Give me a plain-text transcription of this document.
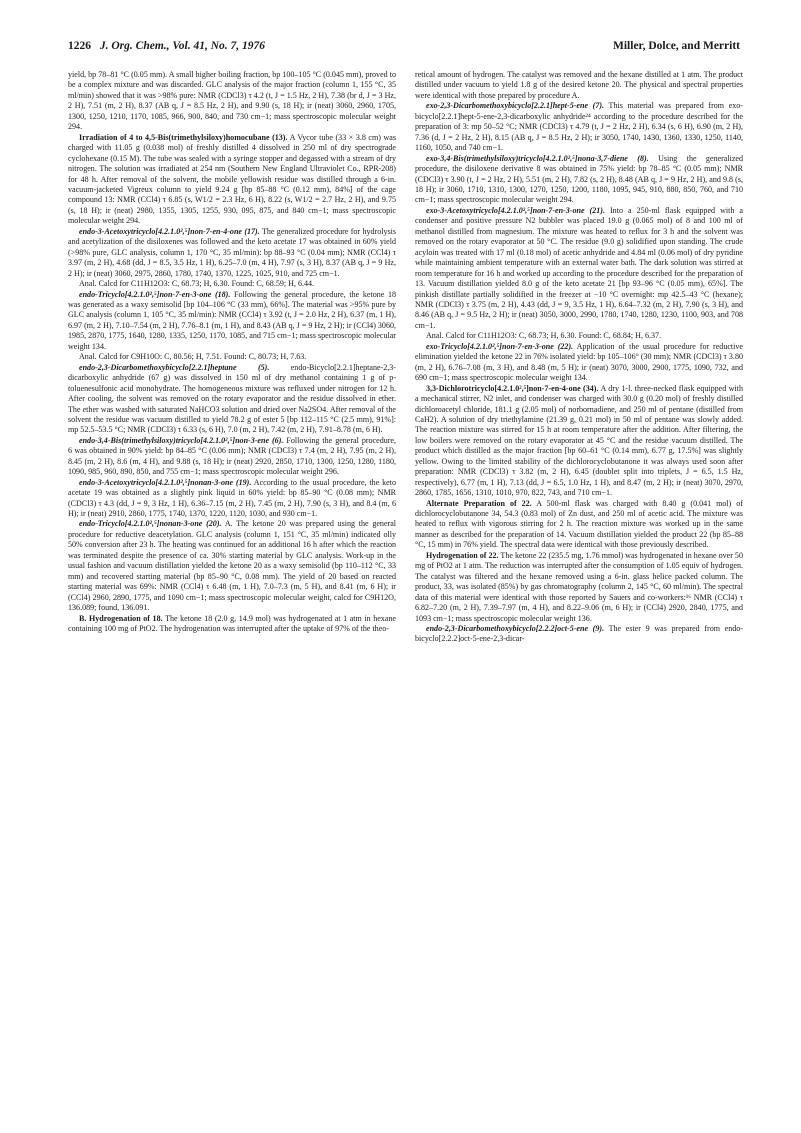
1226 J. Org. Chem., Vol. 41, No. 7, 1976	Miller, Dolce, and Merritt

yield, bp 78–81 °C (0.05 mm). A small higher boiling fraction, bp 100–105 °C (0.045 mm), proved to be a complex mixture and was discarded. GLC analysis of the major fraction (column 1, 155 °C, 35 ml/min) showed that it was >98% pure: NMR (CDCl3) τ 4.2 (t, J = 1.5 Hz, 2 H), 7.38 (br d, J = 3 Hz, 2 H), 7.51 (m, 2 H), 8.37 (AB q, J = 8.5 Hz, 2 H), and 9.90 (s, 18 H); ir (neat) 3060, 2960, 1705, 1300, 1250, 1210, 1170, 1085, 966, 900, 840, and 730 cm−1; mass spectroscopic molecular weight 294.

Irradiation of 4 to 4,5-Bis(trimethylsiloxy)homocubane (13). A Vycor tube (33 × 3.8 cm) was charged with 11.05 g (0.038 mol) of freshly distilled 4 dissolved in 250 ml of dry spectrograde cyclohexane (0.15 M). The tube was sealed with a syringe stopper and degassed with a stream of dry nitrogen. The solution was irradiated at 254 nm (Southern New England Ultraviolet Co., RPR-208) for 48 h. After removal of the solvent, the mobile yellowish residue was distilled through a 6-in. vacuum-jacketed Vigreux column to yield 9.24 g [bp 85–88 °C (0.12 mm), 84%] of the cage compound 13: NMR (CCl4) τ 6.85 (s, W1/2 = 2.3 Hz, 6 H), 8.22 (s, W1/2 = 2.7 Hz, 2 H), and 9.75 (s, 18 H); ir (neat) 2980, 1355, 1305, 1255, 930, 095, 875, and 840 cm−1; mass spectroscopic molecular weight 294.

endo-3-Acetoxytricyclo[4.2.1.0²,⁵]non-7-en-4-one (17). The generalized procedure for hydrolysis and acetylization of the disiloxenes was followed and the keto acetate 17 was obtained in 60% yield (>98% pure, GLC analysis, column 1, 170 °C, 35 ml/min): bp 88–93 °C (0.04 mm); NMR (CCl4) τ 3.97 (m, 2 H), 4.68 (dd, J = 8.5, 3.5 Hz, 1 H), 6.25–7.0 (m, 4 H), 7.97 (s, 3 H), 8.37 (AB q, J = 9 Hz, 2 H); ir (neat) 3060, 2975, 2860, 1780, 1740, 1370, 1225, 1025, 910, and 725 cm−1.

Anal. Calcd for C11H12O3: C, 68.73; H, 6.30. Found: C, 68.59; H, 6.44.

endo-Tricyclo[4.2.1.0²,⁵]non-7-en-3-one (18). Following the general procedure, the ketone 18 was generated as a waxy semisolid [bp 104–106 °C (33 mm), 66%]. The material was >95% pure by GLC analysis (column 1, 105 °C, 35 ml/min): NMR (CCl4) τ 3.92 (t, J = 2.0 Hz, 2 H), 6.37 (m, 1 H), 6.97 (m, 2 H), 7.10–7.54 (m, 2 H), 7.76–8.1 (m, 1 H), and 8.43 (AB q, J = 9 Hz, 2 H); ir (CCl4) 3060, 1985, 2870, 1775, 1640, 1280, 1335, 1250, 1170, 1085, and 715 cm−1; mass spectroscopic molecular weight 134.

Anal. Calcd for C9H10O: C, 80.56; H, 7.51. Found: C, 80.73; H, 7.63.

endo-2,3-Dicarbomethoxybicyclo[2.2.1]heptane (5). endo-Bicyclo[2.2.1]heptane-2,3-dicarboxylic anhydride (67 g) was dissolved in 150 ml of dry methanol containing 1 g of p-toluenesulfonic acid monohydrate. The homogeneous mixture was refluxed under nitrogen for 12 h. After cooling, the solvent was removed on the rotary evaporator and the residue dissolved in ether. The ether was washed with saturated NaHCO3 solution and dried over Na2SO4. After removal of the solvent the residue was vacuum distilled to yield 78.2 g of ester 5 [bp 112–115 °C (2.5 mm), 91%]: mp 52.5–53.5 °C; NMR (CDCl3) τ 6.33 (s, 6 H), 7.0 (m, 2 H), 7.42 (m, 2 H), 7.91–8.78 (m, 6 H).

endo-3,4-Bis(trimethylsiloxy)tricyclo[4.2.1.0²,⁵]non-3-ene (6). Following the general procedure, 6 was obtained in 90% yield: bp 84–85 °C (0.06 mm); NMR (CDCl3) τ 7.4 (m, 2 H), 7.95 (m, 2 H), 8.45 (m, 2 H), 8.6 (m, 4 H), and 9.88 (s, 18 H); ir (neat) 2920, 2850, 1710, 1300, 1250, 1280, 1180, 1090, 985, 960, 890, 850, and 755 cm−1; mass spectroscopic molecular weight 296.

endo-3-Acetoxytricyclo[4.2.1.0²,⁵]nonan-3-one (19). According to the usual procedure, the keto acetate 19 was obtained as a slightly pink liquid in 60% yield: bp 85–90 °C (0.08 mm); NMR (CDCl3) τ 4.3 (dd, J = 9, 3 Hz, 1 H), 6.36–7.15 (m, 2 H), 7.45 (m, 2 H), 7.90 (s, 3 H), and 8.4 (m, 6 H); ir (neat) 2910, 2860, 1775, 1740, 1370, 1220, 1120, 1030, and 930 cm−1.

endo-Tricyclo[4.2.1.0²,⁵]nonan-3-one (20). A. The ketone 20 was prepared using the general procedure for reductive deacetylation. GLC analysis (column 1, 151 °C, 35 ml/min) indicated olly 50% conversion after 23 h. The heating was continued for an additional 16 h after which the reaction was terminated despite the presence of ca. 30% starting material by GLC analysis. Work-up in the usual fashion and vacuum distillation yielded the ketone 20 as a waxy semisolid (bp 110–112 °C, 33 mm) and recovered starting material (bp 85–90 °C, 0.08 mm). The yield of 20 based on reacted starting material was 69%: NMR (CCl4) τ 6.48 (m, 1 H), 7.0–7.3 (m, 5 H), and 8.41 (m, 6 H); ir (CCl4) 2960, 2890, 1775, and 1090 cm−1; mass spectroscopic molecular weight, calcd for C9H12O, 136.089; found, 136.091.

B. Hydrogenation of 18. The ketone 18 (2.0 g, 14.9 mol) was hydrogenated at 1 atm in hexane containing 100 mg of PtO2. The hydrogenation was interrupted after the uptake of 97% of the theo-

retical amount of hydrogen. The catalyst was removed and the hexane distilled at 1 atm. The product distilled under vacuum to yield 1.8 g of the desired ketone 20. The physical and spectral properties were identical with those prepared by procedure A.

exo-2,3-Dicarbomethoxybicyclo[2.2.1]hept-5-ene (7). This material was prepared from exo-bicyclo[2.2.1]hept-5-ene-2,3-dicarboxylic anhydride²⁴ according to the procedure described for the preparation of 3: mp 50–52 °C; NMR (CDCl3) τ 4.79 (t, J = 2 Hz, 2 H), 6.34 (s, 6 H), 6.90 (m, 2 H), 7.36 (d, J = 2 Hz, 2 H), 8.15 (AB q, J = 8.5 Hz, 2 H); ir 3050, 1740, 1430, 1360, 1330, 1250, 1140, 1160, 1050, and 740 cm−1.

exo-3,4-Bis(trimethylsiloxy)tricyclo[4.2.1.0²,⁵]nona-3,7-diene (8). Using the generalized procedure, the disiloxene derivative 8 was obtained in 75% yield: bp 78–85 °C (0.05 mm); NMR (CDCl3) τ 3.90 (t, J = 2 Hz, 2 H), 5.51 (m, 2 H), 7.82 (s, 2 H), 8.48 (AB q, J = 9 Hz, 2 H), and 9.8 (s, 18 H); ir 3060, 1710, 1310, 1300, 1270, 1250, 1200, 1180, 1095, 945, 910, 880, 850, 760, and 710 cm−1; mass spectroscopic molecular weight 294.

exo-3-Acetoxytricyclo[4.2.1.0²,⁵]non-7-en-3-one (21). Into a 250-ml flask equipped with a condenser and positive pressure N2 bubbler was placed 19.0 g (0.065 mol) of 8 and 100 ml of methanol distilled from magnesium. The mixture was heated to reflux for 3 h and the solvent was removed on the rotary evaporator at 50 °C. The residue (9.0 g) solidified upon standing. The crude acyloin was treated with 17 ml (0.18 mol) of acetic anhydride and 4.84 ml (0.06 mol) of dry pyridine while maintaining ambient temperature with an external water bath. The dark solution was stirred at room temperature for 16 h and worked up according to the procedure described for the preparation of 13. Vacuum distillation yielded 8.0 g of the keto acetate 21 [bp 93–96 °C (0.05 mm), 65%]. The pinkish distillate partially solidified in the freezer at −10 °C overnight: mp 42.5–43 °C (hexane); NMR (CDCl3) τ 3.75 (m, 2 H), 4.43 (dd, J = 9, 3.5 Hz, 1 H), 6.64–7.32 (m, 2 H), 7.90 (s, 3 H), and 8.46 (AB q, J = 9.5 Hz, 2 H); ir (neat) 3050, 3000, 2990, 1780, 1740, 1280, 1230, 1100, 903, and 708 cm−1.

Anal. Calcd for C11H12O3: C, 68.73; H, 6.30. Found: C, 68.84; H, 6.37.

exo-Tricyclo[4.2.1.0²,⁵]non-7-en-3-one (22). Application of the usual procedure for reductive elimination yielded the ketone 22 in 76% isolated yield: bp 105–106° (30 mm); NMR (CDCl3) τ 3.80 (m, 2 H), 6.76–7.08 (m, 3 H), and 8.48 (m, 5 H); ir (neat) 3070, 3000, 2900, 1775, 1090, 732, and 690 cm−1; mass spectroscopic molecular weight 134.

3,3-Dichlorotricyclo[4.2.1.0²,⁵]non-7-en-4-one (34). A dry 1-l. three-necked flask equipped with a mechanical stirrer, N2 inlet, and condenser was charged with 30.0 g (0.20 mol) of freshly distilled dichloroacetyl chloride, 181.1 g (2.05 mol) of norbornadiene, and 250 ml of pentane (distilled from CaH2). A solution of dry triethylamine (21.39 g, 0.21 mol) in 50 ml of pentane was slowly added. The reaction mixture was stirred for 15 h at room temperature after the addition. After filtering, the low boilers were removed on the rotary evaporator at 45 °C and the residue vacuum distilled. The product which distilled as the major fraction [bp 60–61 °C (0.14 mm), 6.77 g, 17.5%] was slightly yellow. Owing to the limited stability of the dichlorocyclobutanone it was always used soon after preparation: NMR (CDCl3) τ 3.82 (m, 2 H), 6.45 (doublet split into triplets, J = 6.5, 1.5 Hz, respectively), 6.77 (m, 1 H), 7.13 (dd, J = 6.5, 1.0 Hz, 1 H), and 8.47 (m, 2 H); ir (neat) 3070, 2970, 2860, 1785, 1656, 1310, 1010, 970, 822, 743, and 710 cm−1.

Alternate Preparation of 22. A 500-ml flask was charged with 8.40 g (0.041 mol) of dichlorocyclobutanone 34, 54.3 (0.83 mol) of Zn dust, and 250 ml of acetic acid. The mixture was heated to reflux with vigorous stirring for 2 h. The reaction mixture was worked up in the same manner as described for the preparation of 14. Vacuum distillation yielded the product 22 (bp 85–88 °C, 15 mm) in 76% yield. The spectral data were identical with those previously described.

Hydrogenation of 22. The ketone 22 (235.5 mg, 1.76 mmol) was hydrogenated in hexane over 50 mg of PtO2 at 1 atm. The reduction was interrupted after the consumption of 1.05 equiv of hydrogen. The catalyst was filtered and the hexane removed using a 6-in. glass helice packed column. The product, 33, was isolated (85%) by gas chromatography (column 2, 145 °C, 60 ml/min). The spectral data of this material were identical with those reported by Sauers and co-workers:¹⁶ NMR (CCl4) τ 6.82–7.20 (m, 2 H), 7.39–7.97 (m, 4 H), and 8.22–9.06 (m, 6 H); ir (CCl4) 2920, 2840, 1775, and 1093 cm−1; mass spectroscopic molecular weight 136.

endo-2,3-Dicarbomethoxybicyclo[2.2.2]oct-5-ene (9). The ester 9 was prepared from endo-bicyclo[2.2.2]oct-5-ene-2,3-dicar-
